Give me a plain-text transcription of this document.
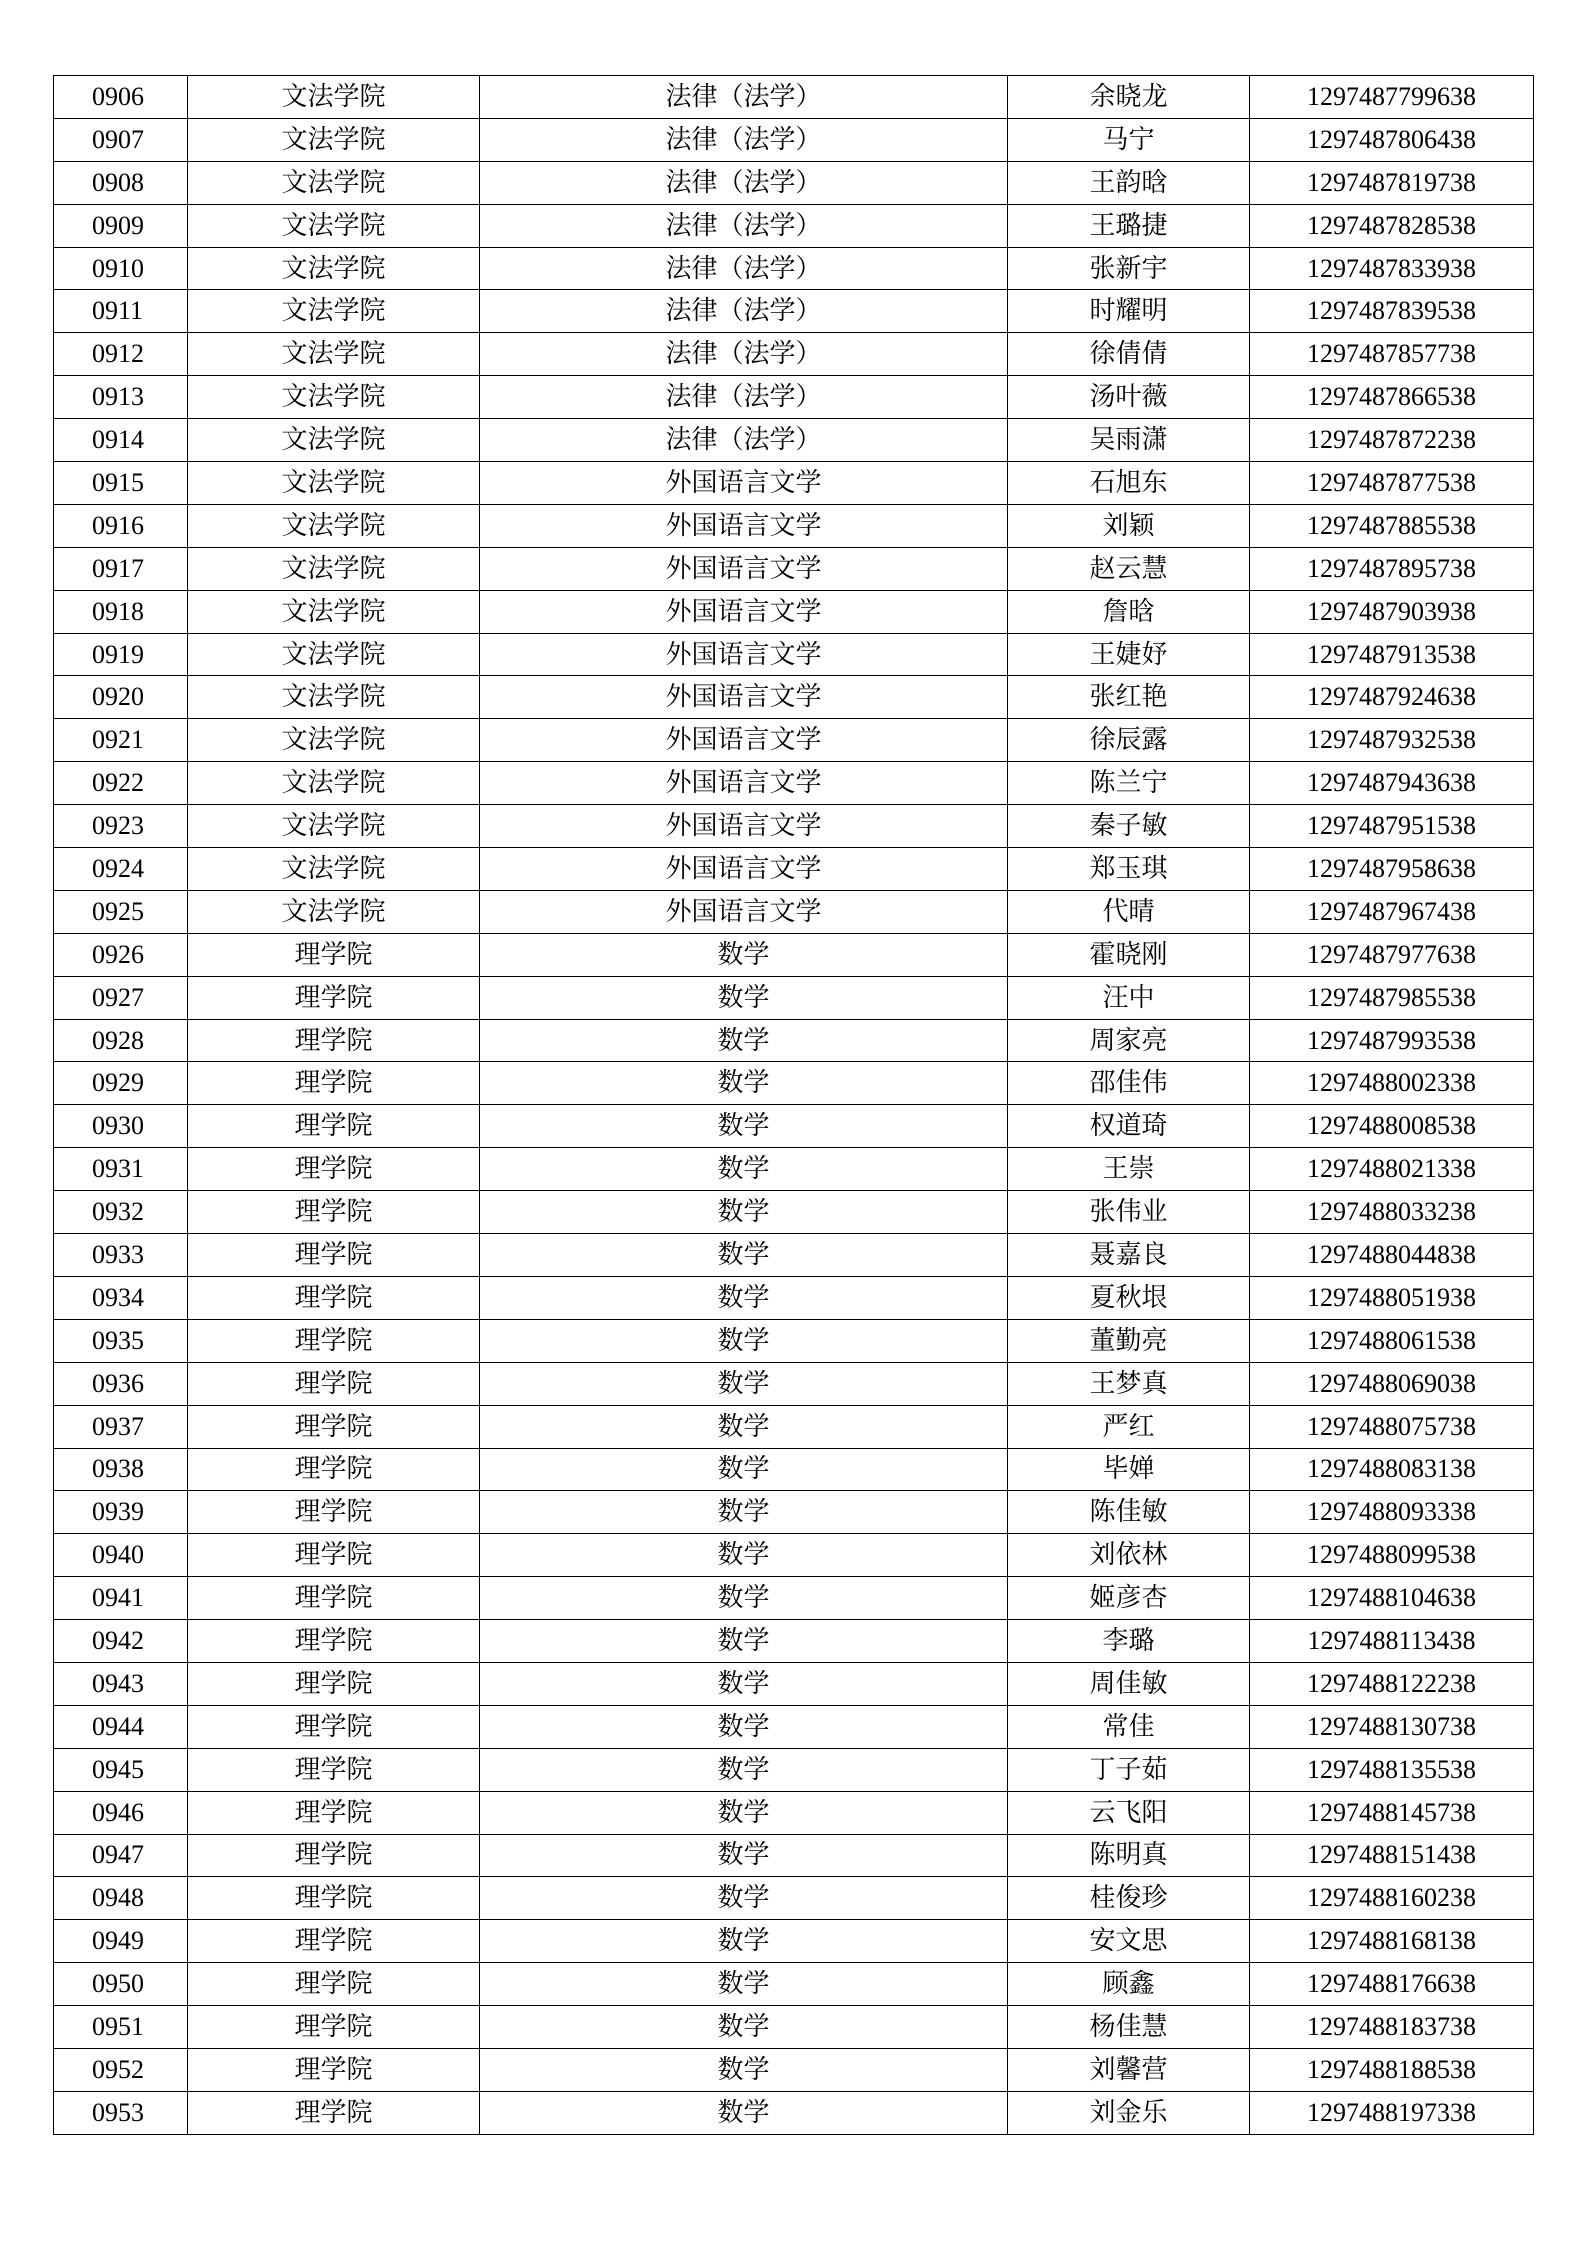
0906	文法学院	法律（法学）	余晓龙	1297487799638
0907	文法学院	法律（法学）	马宁	1297487806438
0908	文法学院	法律（法学）	王韵晗	1297487819738
0909	文法学院	法律（法学）	王璐捷	1297487828538
0910	文法学院	法律（法学）	张新宇	1297487833938
0911	文法学院	法律（法学）	时耀明	1297487839538
0912	文法学院	法律（法学）	徐倩倩	1297487857738
0913	文法学院	法律（法学）	汤叶薇	1297487866538
0914	文法学院	法律（法学）	吴雨潇	1297487872238
0915	文法学院	外国语言文学	石旭东	1297487877538
0916	文法学院	外国语言文学	刘颖	1297487885538
0917	文法学院	外国语言文学	赵云慧	1297487895738
0918	文法学院	外国语言文学	詹晗	1297487903938
0919	文法学院	外国语言文学	王婕妤	1297487913538
0920	文法学院	外国语言文学	张红艳	1297487924638
0921	文法学院	外国语言文学	徐辰露	1297487932538
0922	文法学院	外国语言文学	陈兰宁	1297487943638
0923	文法学院	外国语言文学	秦子敏	1297487951538
0924	文法学院	外国语言文学	郑玉琪	1297487958638
0925	文法学院	外国语言文学	代晴	1297487967438
0926	理学院	数学	霍晓刚	1297487977638
0927	理学院	数学	汪中	1297487985538
0928	理学院	数学	周家亮	1297487993538
0929	理学院	数学	邵佳伟	1297488002338
0930	理学院	数学	权道琦	1297488008538
0931	理学院	数学	王崇	1297488021338
0932	理学院	数学	张伟业	1297488033238
0933	理学院	数学	聂嘉良	1297488044838
0934	理学院	数学	夏秋垠	1297488051938
0935	理学院	数学	董勤亮	1297488061538
0936	理学院	数学	王梦真	1297488069038
0937	理学院	数学	严红	1297488075738
0938	理学院	数学	毕婵	1297488083138
0939	理学院	数学	陈佳敏	1297488093338
0940	理学院	数学	刘依林	1297488099538
0941	理学院	数学	姬彦杏	1297488104638
0942	理学院	数学	李璐	1297488113438
0943	理学院	数学	周佳敏	1297488122238
0944	理学院	数学	常佳	1297488130738
0945	理学院	数学	丁子茹	1297488135538
0946	理学院	数学	云飞阳	1297488145738
0947	理学院	数学	陈明真	1297488151438
0948	理学院	数学	桂俊珍	1297488160238
0949	理学院	数学	安文思	1297488168138
0950	理学院	数学	顾鑫	1297488176638
0951	理学院	数学	杨佳慧	1297488183738
0952	理学院	数学	刘馨营	1297488188538
0953	理学院	数学	刘金乐	1297488197338
